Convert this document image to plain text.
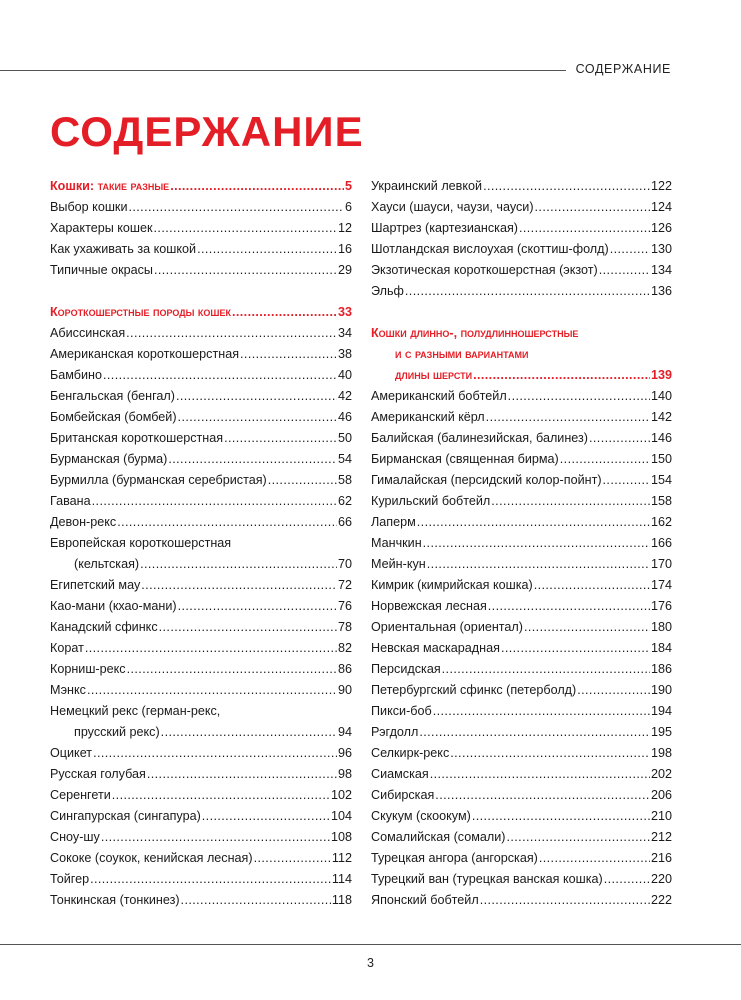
СОДЕРЖАНИЕ
СОДЕРЖАНИЕ
Кошки: такие разные .....	5
Выбор кошки .....	6
Характеры кошек .....	12
Как ухаживать за кошкой .....	16
Типичные окрасы .....	29
Короткошерстные породы кошек .....	33
Абиссинская .....	34
Американская короткошерстная .....	38
Бамбино .....	40
Бенгальская (бенгал) .....	42
Бомбейская (бомбей) .....	46
Британская короткошерстная .....	50
Бурманская (бурма) .....	54
Бурмилла (бурманская серебристая) .....	58
Гавана .....	62
Девон-рекс .....	66
Европейская короткошерстная
(кельтская) .....	70
Египетский мау .....	72
Као-мани (кхао-мани) .....	76
Канадский сфинкс .....	78
Корат .....	82
Корниш-рекс .....	86
Мэнкс .....	90
Немецкий рекс (герман-рекс,
прусский рекс) .....	94
Оцикет .....	96
Русская голубая .....	98
Серенгети .....	102
Сингапурская (сингапура) .....	104
Сноу-шу .....	108
Сококе (соукок, кенийская лесная) .....	112
Тойгер .....	114
Тонкинская (тонкинез) .....	118
Украинский левкой .....	122
Хауси (шауси, чаузи, чауси) .....	124
Шартрез (картезианская) .....	126
Шотландская вислоухая (скоттиш-фолд) .....	130
Экзотическая короткошерстная (экзот) .....	134
Эльф .....	136
Кошки длинно-, полудлинношерстные
и с разными вариантами
длины шерсти .....	139
Американский бобтейл .....	140
Американский кёрл .....	142
Балийская (балинезийская, балинез) .....	146
Бирманская (священная бирма) .....	150
Гималайская (персидский колор-пойнт) .....	154
Курильский бобтейл .....	158
Лаперм .....	162
Манчкин .....	166
Мейн-кун .....	170
Кимрик (кимрийская кошка) .....	174
Норвежская лесная .....	176
Ориентальная (ориентал) .....	180
Невская маскарадная .....	184
Персидская .....	186
Петербургский сфинкс (петерболд) .....	190
Пикси-боб .....	194
Рэгдолл .....	195
Селкирк-рекс .....	198
Сиамская .....	202
Сибирская .....	206
Скукум (скоокум) .....	210
Сомалийская (сомали) .....	212
Турецкая ангора (ангорская) .....	216
Турецкий ван (турецкая ванская кошка) .....	220
Японский бобтейл .....	222
3
